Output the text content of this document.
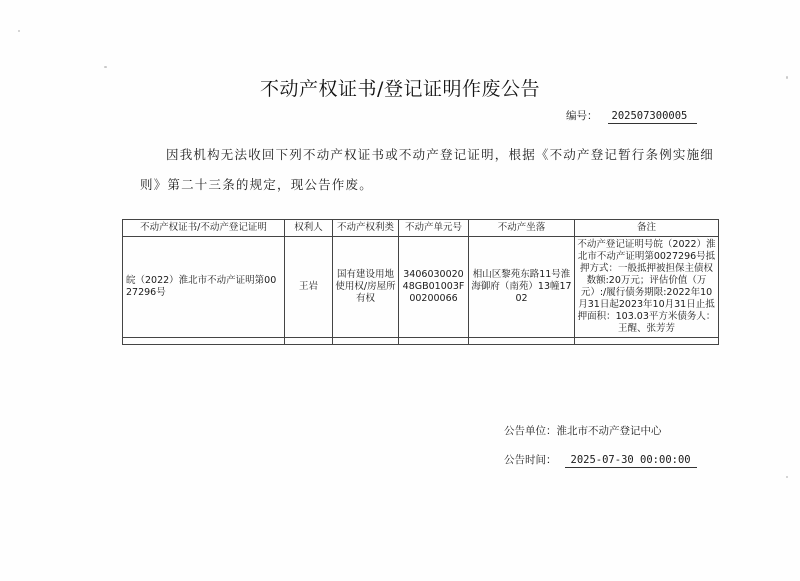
不动产权证书/登记证明作废公告
编号： 202507300005

因我机构无法收回下列不动产权证书或不动产登记证明，根据《不动产登记暂行条例实施细则》第二十三条的规定，现公告作废。

不动产权证书/不动产登记证明	权利人	不动产权利类	不动产单元号	不动产坐落	备注
皖（2022）淮北市不动产证明第0027296号	王岩	国有建设用地使用权/房屋所有权	340603002048GB01003F00200066	相山区黎苑东路11号淮海御府（南苑）13幢1702	不动产登记证明号皖（2022）淮北市不动产证明第0027296号抵押方式：一般抵押被担保主债权数额:20万元；评估价值（万元）:/履行债务期限:2022年10月31日起2023年10月31日止抵押面积：103.03平方米债务人：王醒、张芳芳

公告单位：淮北市不动产登记中心
公告时间： 2025-07-30 00:00:00
